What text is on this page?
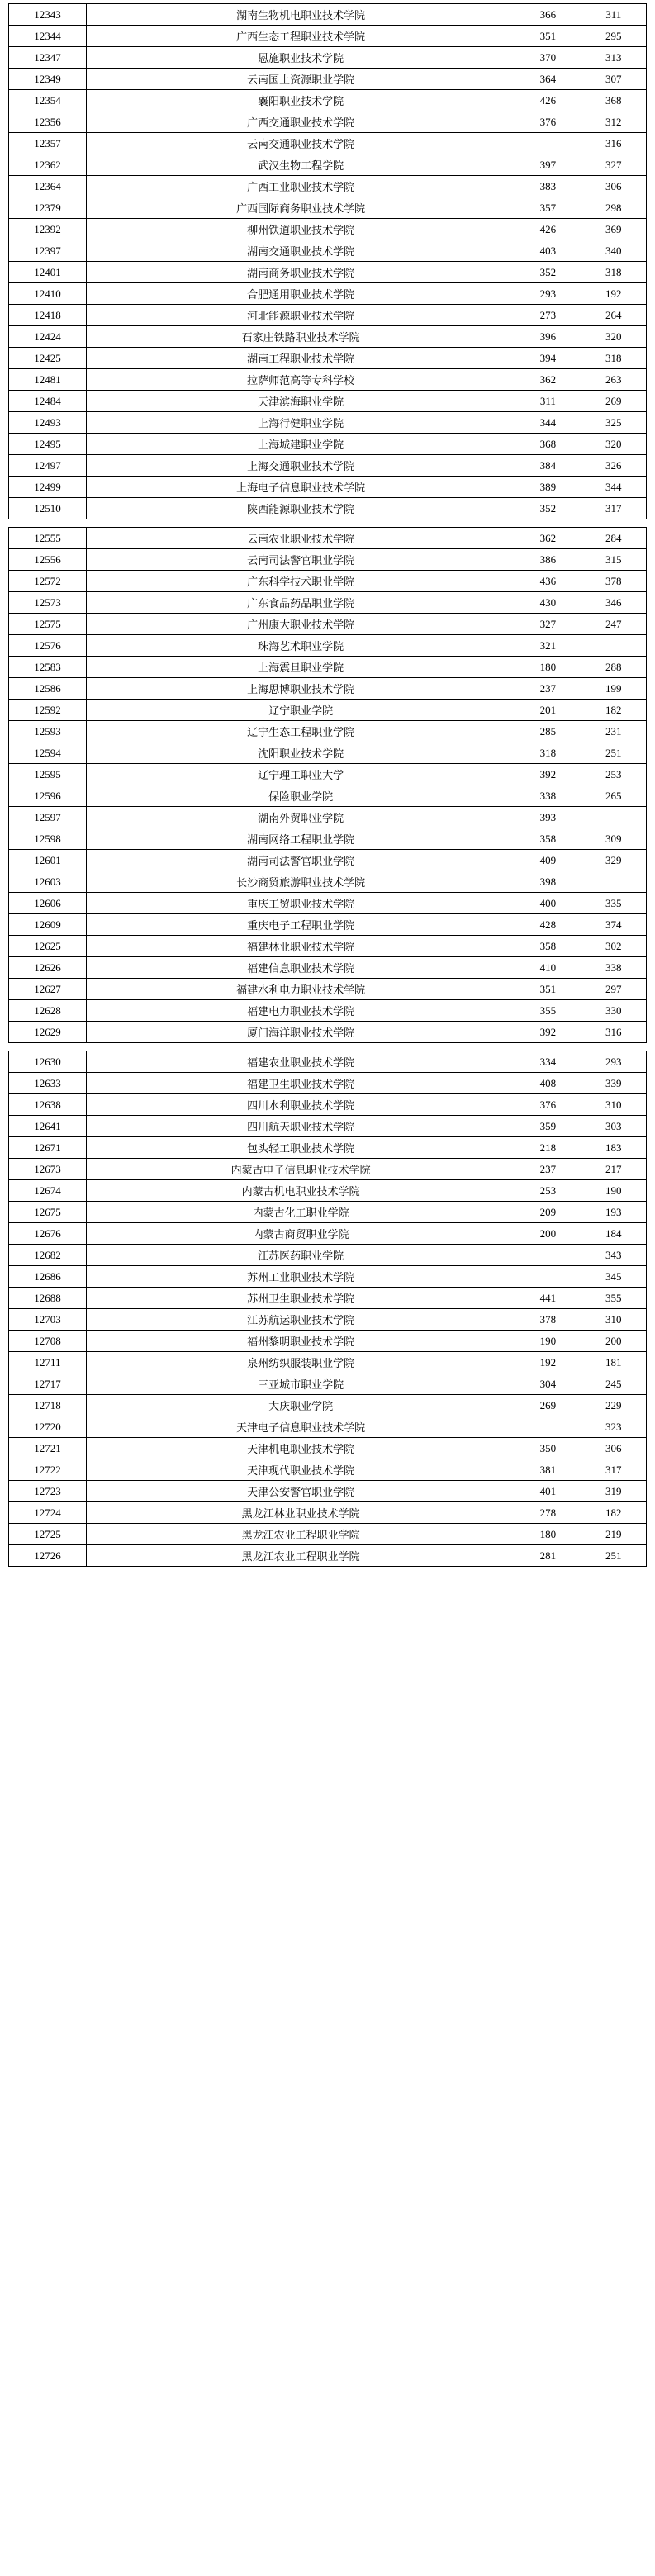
12343	湖南生物机电职业技术学院	366	311
12344	广西生态工程职业技术学院	351	295
12347	恩施职业技术学院	370	313
12349	云南国土资源职业学院	364	307
12354	襄阳职业技术学院	426	368
12356	广西交通职业技术学院	376	312
12357	云南交通职业技术学院		316
12362	武汉生物工程学院	397	327
12364	广西工业职业技术学院	383	306
12379	广西国际商务职业技术学院	357	298
12392	柳州铁道职业技术学院	426	369
12397	湖南交通职业技术学院	403	340
12401	湖南商务职业技术学院	352	318
12410	合肥通用职业技术学院	293	192
12418	河北能源职业技术学院	273	264
12424	石家庄铁路职业技术学院	396	320
12425	湖南工程职业技术学院	394	318
12481	拉萨师范高等专科学校	362	263
12484	天津滨海职业学院	311	269
12493	上海行健职业学院	344	325
12495	上海城建职业学院	368	320
12497	上海交通职业技术学院	384	326
12499	上海电子信息职业技术学院	389	344
12510	陕西能源职业技术学院	352	317

12555	云南农业职业技术学院	362	284
12556	云南司法警官职业学院	386	315
12572	广东科学技术职业学院	436	378
12573	广东食品药品职业学院	430	346
12575	广州康大职业技术学院	327	247
12576	珠海艺术职业学院	321	
12583	上海震旦职业学院	180	288
12586	上海思博职业技术学院	237	199
12592	辽宁职业学院	201	182
12593	辽宁生态工程职业学院	285	231
12594	沈阳职业技术学院	318	251
12595	辽宁理工职业大学	392	253
12596	保险职业学院	338	265
12597	湖南外贸职业学院	393	
12598	湖南网络工程职业学院	358	309
12601	湖南司法警官职业学院	409	329
12603	长沙商贸旅游职业技术学院	398	
12606	重庆工贸职业技术学院	400	335
12609	重庆电子工程职业学院	428	374
12625	福建林业职业技术学院	358	302
12626	福建信息职业技术学院	410	338
12627	福建水利电力职业技术学院	351	297
12628	福建电力职业技术学院	355	330
12629	厦门海洋职业技术学院	392	316

12630	福建农业职业技术学院	334	293
12633	福建卫生职业技术学院	408	339
12638	四川水利职业技术学院	376	310
12641	四川航天职业技术学院	359	303
12671	包头轻工职业技术学院	218	183
12673	内蒙古电子信息职业技术学院	237	217
12674	内蒙古机电职业技术学院	253	190
12675	内蒙古化工职业学院	209	193
12676	内蒙古商贸职业学院	200	184
12682	江苏医药职业学院		343
12686	苏州工业职业技术学院		345
12688	苏州卫生职业技术学院	441	355
12703	江苏航运职业技术学院	378	310
12708	福州黎明职业技术学院	190	200
12711	泉州纺织服装职业学院	192	181
12717	三亚城市职业学院	304	245
12718	大庆职业学院	269	229
12720	天津电子信息职业技术学院		323
12721	天津机电职业技术学院	350	306
12722	天津现代职业技术学院	381	317
12723	天津公安警官职业学院	401	319
12724	黑龙江林业职业技术学院	278	182
12725	黑龙江农业工程职业学院	180	219
12726	黑龙江农业工程职业学院	281	251
